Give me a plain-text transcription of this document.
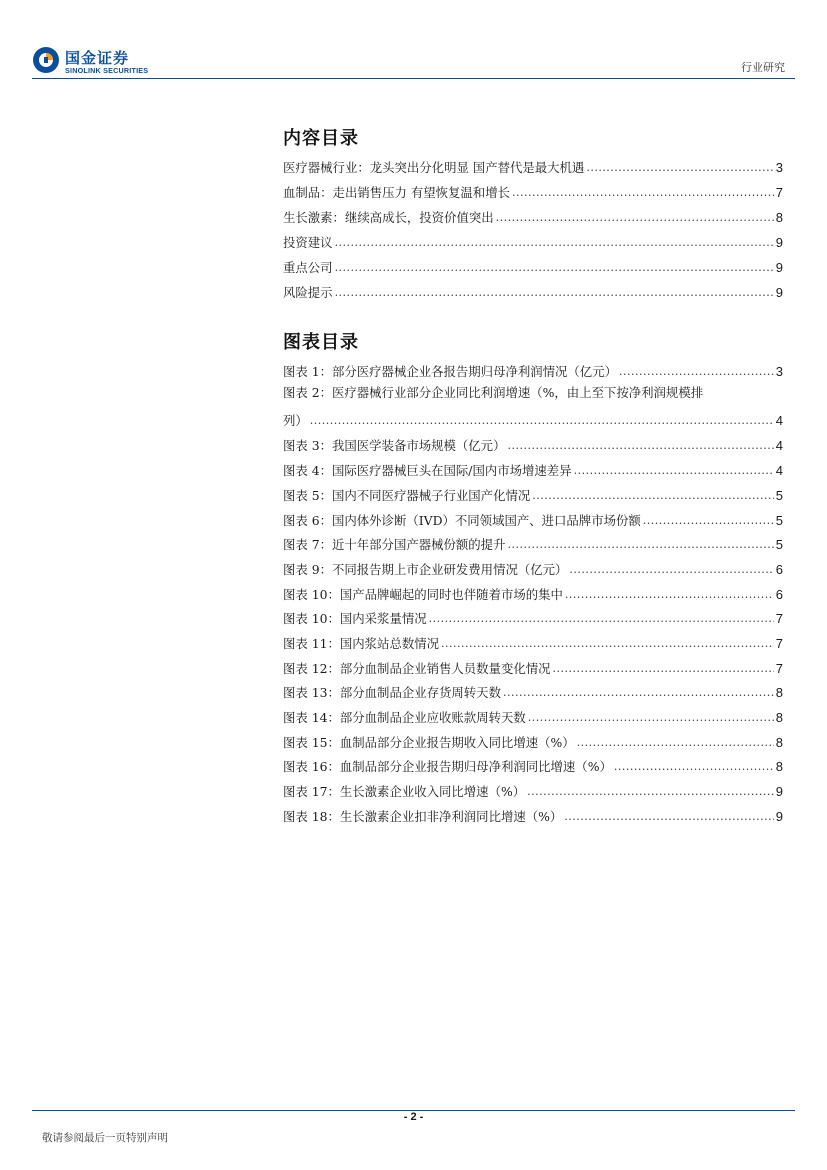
国金证券
SINOLINK SECURITIES	行业研究
内容目录
医疗器械行业：龙头突出分化明显 国产替代是最大机遇 .....	3
血制品：走出销售压力 有望恢复温和增长 .....	7
生长激素：继续高成长，投资价值突出 .....	8
投资建议 .....	9
重点公司 .....	9
风险提示 .....	9
图表目录
图表 1：部分医疗器械企业各报告期归母净利润情况（亿元） .....	3
图表 2：医疗器械行业部分企业同比利润增速（%，由上至下按净利润规模排
列） .....	4
图表 3：我国医学装备市场规模（亿元） .....	4
图表 4：国际医疗器械巨头在国际/国内市场增速差异 .....	4
图表 5：国内不同医疗器械子行业国产化情况 .....	5
图表 6：国内体外诊断（IVD）不同领域国产、进口品牌市场份额 .....	5
图表 7：近十年部分国产器械份额的提升 .....	5
图表 9：不同报告期上市企业研发费用情况（亿元） .....	6
图表 10：国产品牌崛起的同时也伴随着市场的集中 .....	6
图表 10：国内采浆量情况 .....	7
图表 11：国内浆站总数情况 .....	7
图表 12：部分血制品企业销售人员数量变化情况 .....	7
图表 13：部分血制品企业存货周转天数 .....	8
图表 14：部分血制品企业应收账款周转天数 .....	8
图表 15：血制品部分企业报告期收入同比增速（%） .....	8
图表 16：血制品部分企业报告期归母净利润同比增速（%） .....	8
图表 17：生长激素企业收入同比增速（%） .....	9
图表 18：生长激素企业扣非净利润同比增速（%） .....	9
- 2 -
敬请参阅最后一页特别声明
